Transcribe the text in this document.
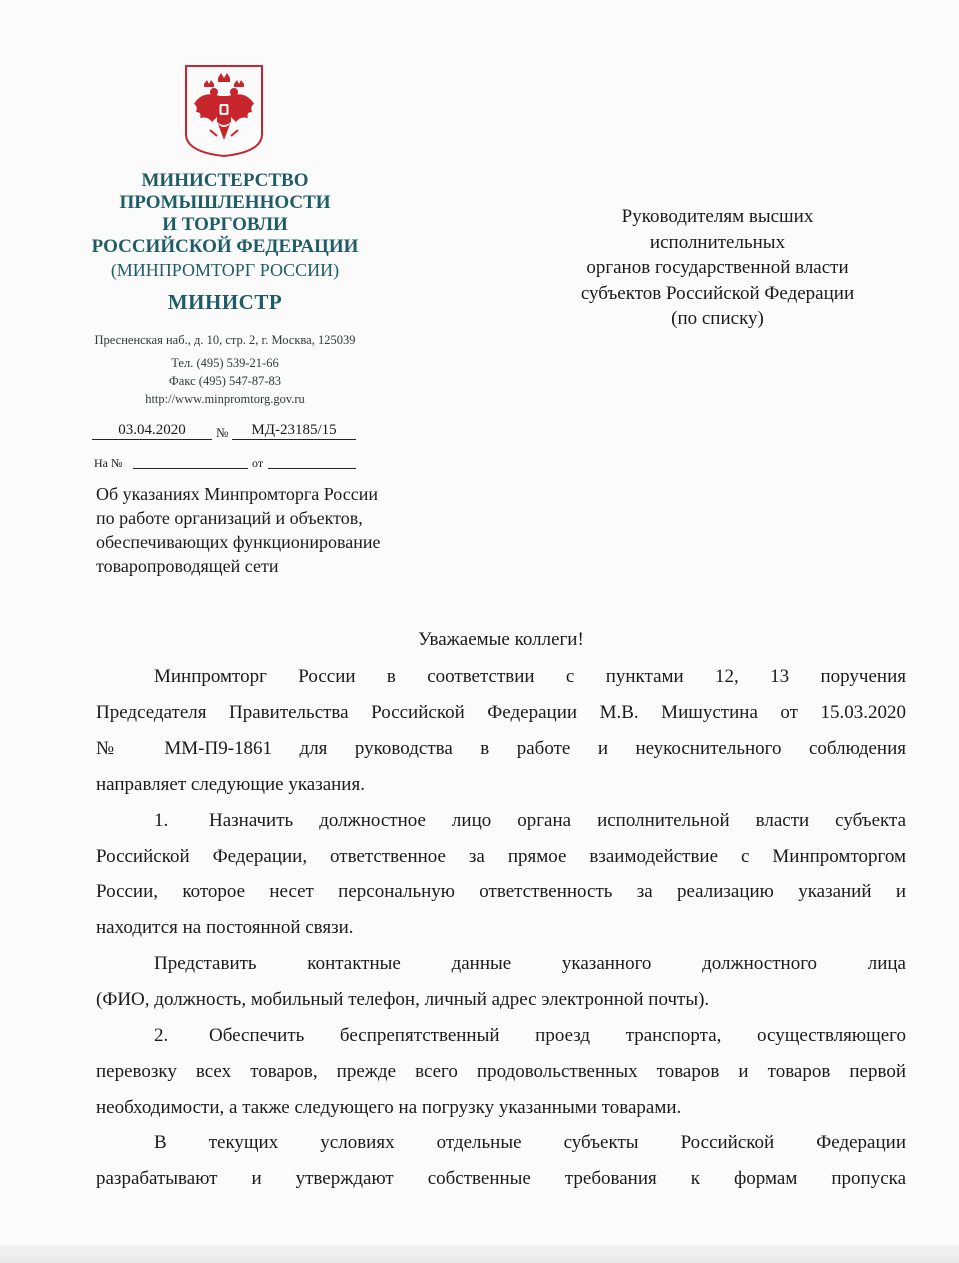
МИНИСТЕРСТВО
ПРОМЫШЛЕННОСТИ
И ТОРГОВЛИ
РОССИЙСКОЙ ФЕДЕРАЦИИ
(МИНПРОМТОРГ РОССИИ)
МИНИСТР
Пресненская наб., д. 10, стр. 2, г. Москва, 125039
Тел. (495) 539-21-66
Факс (495) 547-87-83
http://www.minpromtorg.gov.ru
03.04.2020	№	МД-23185/15
На №	от
Об указаниях Минпромторга России
по работе организаций и объектов,
обеспечивающих функционирование
товаропроводящей сети
Руководителям высших
исполнительных
органов государственной власти
субъектов Российской Федерации
(по списку)
Уважаемые коллеги!
Минпромторг России в соответствии с пунктами 12, 13 поручения
Председателя Правительства Российской Федерации М.В. Мишустина от 15.03.2020
№ ММ-П9-1861 для руководства в работе и неукоснительного соблюдения
направляет следующие указания.
1. Назначить должностное лицо органа исполнительной власти субъекта
Российской Федерации, ответственное за прямое взаимодействие с Минпромторгом
России, которое несет персональную ответственность за реализацию указаний и
находится на постоянной связи.
Представить контактные данные указанного должностного лица
(ФИО, должность, мобильный телефон, личный адрес электронной почты).
2. Обеспечить беспрепятственный проезд транспорта, осуществляющего
перевозку всех товаров, прежде всего продовольственных товаров и товаров первой
необходимости, а также следующего на погрузку указанными товарами.
В текущих условиях отдельные субъекты Российской Федерации
разрабатывают и утверждают собственные требования к формам пропуска
